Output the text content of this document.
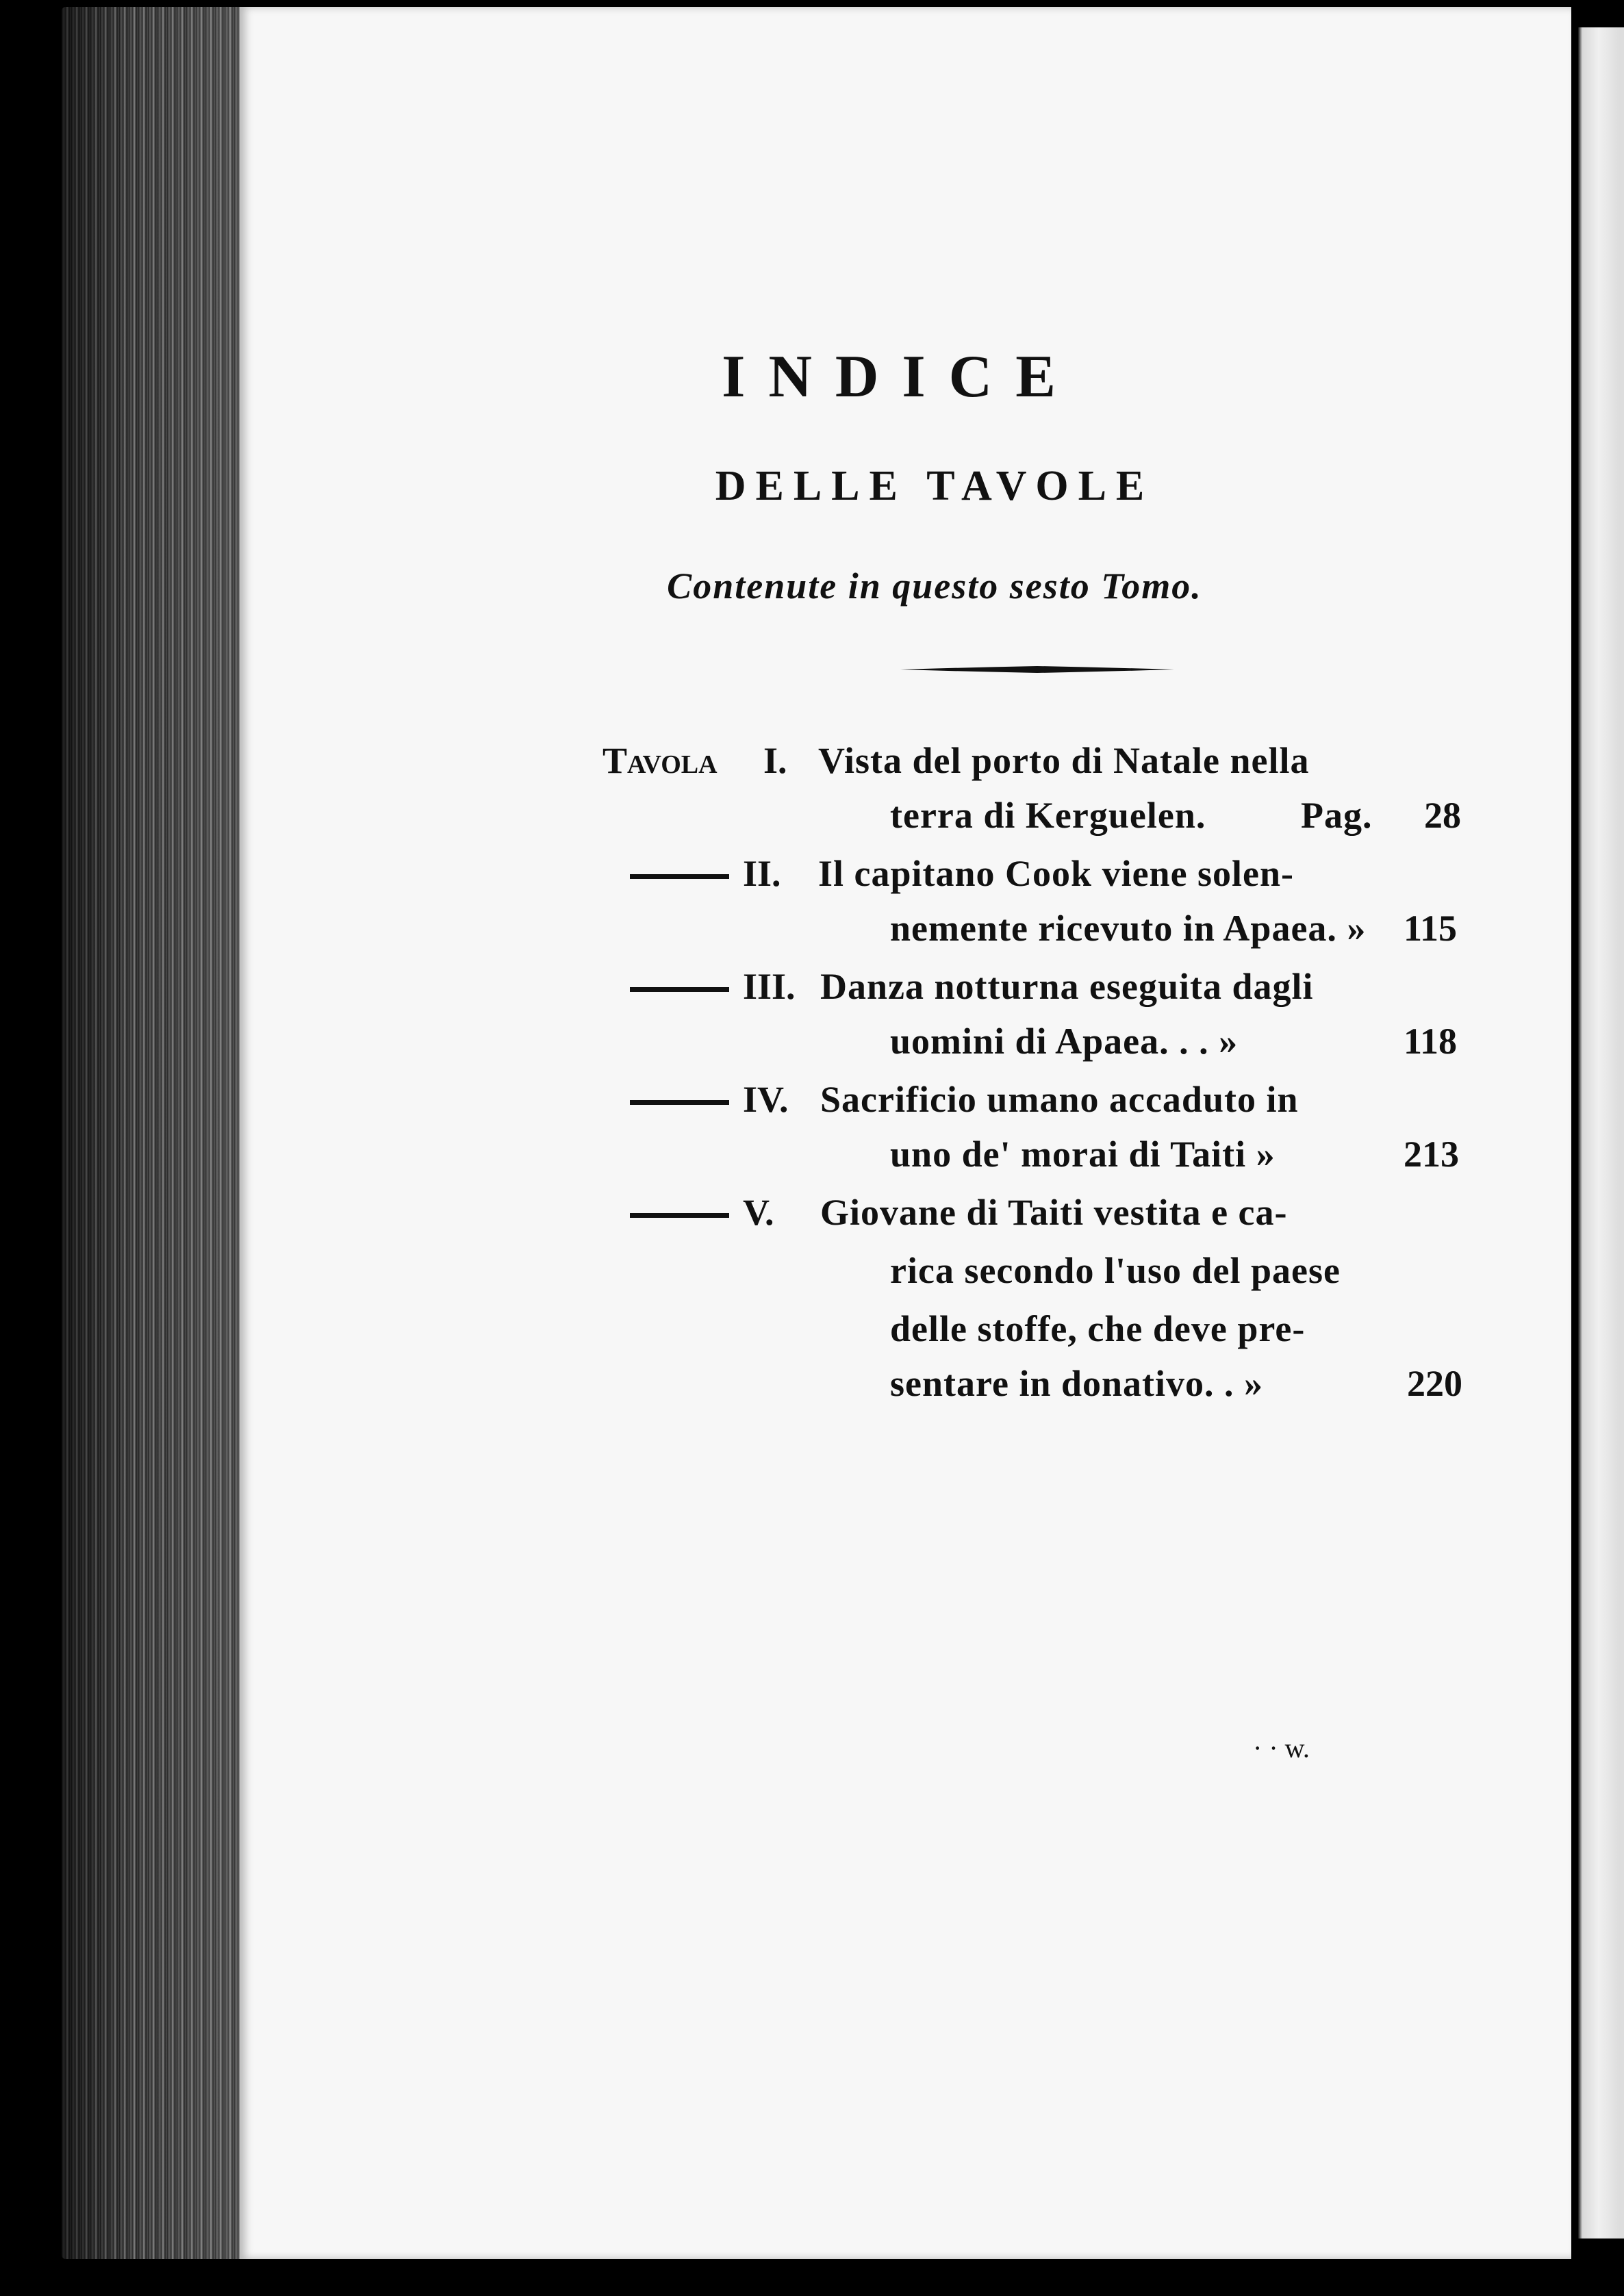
INDICE
DELLE TAVOLE

Contenute in questo sesto Tomo.

Tavola I. Vista del porto di Natale nella
terra di Kerguelen.	Pag. 28
II. Il capitano Cook viene solen-
nemente ricevuto in Apaea. » 115
III. Danza notturna eseguita dagli
uomini di Apaea. . . »	118
IV. Sacrificio umano accaduto in
uno de' morai di Taiti »	213
V. Giovane di Taiti vestita e ca-
rica secondo l'uso del paese
delle stoffe, che deve pre-
sentare in donativo. . »	220
· · w.
